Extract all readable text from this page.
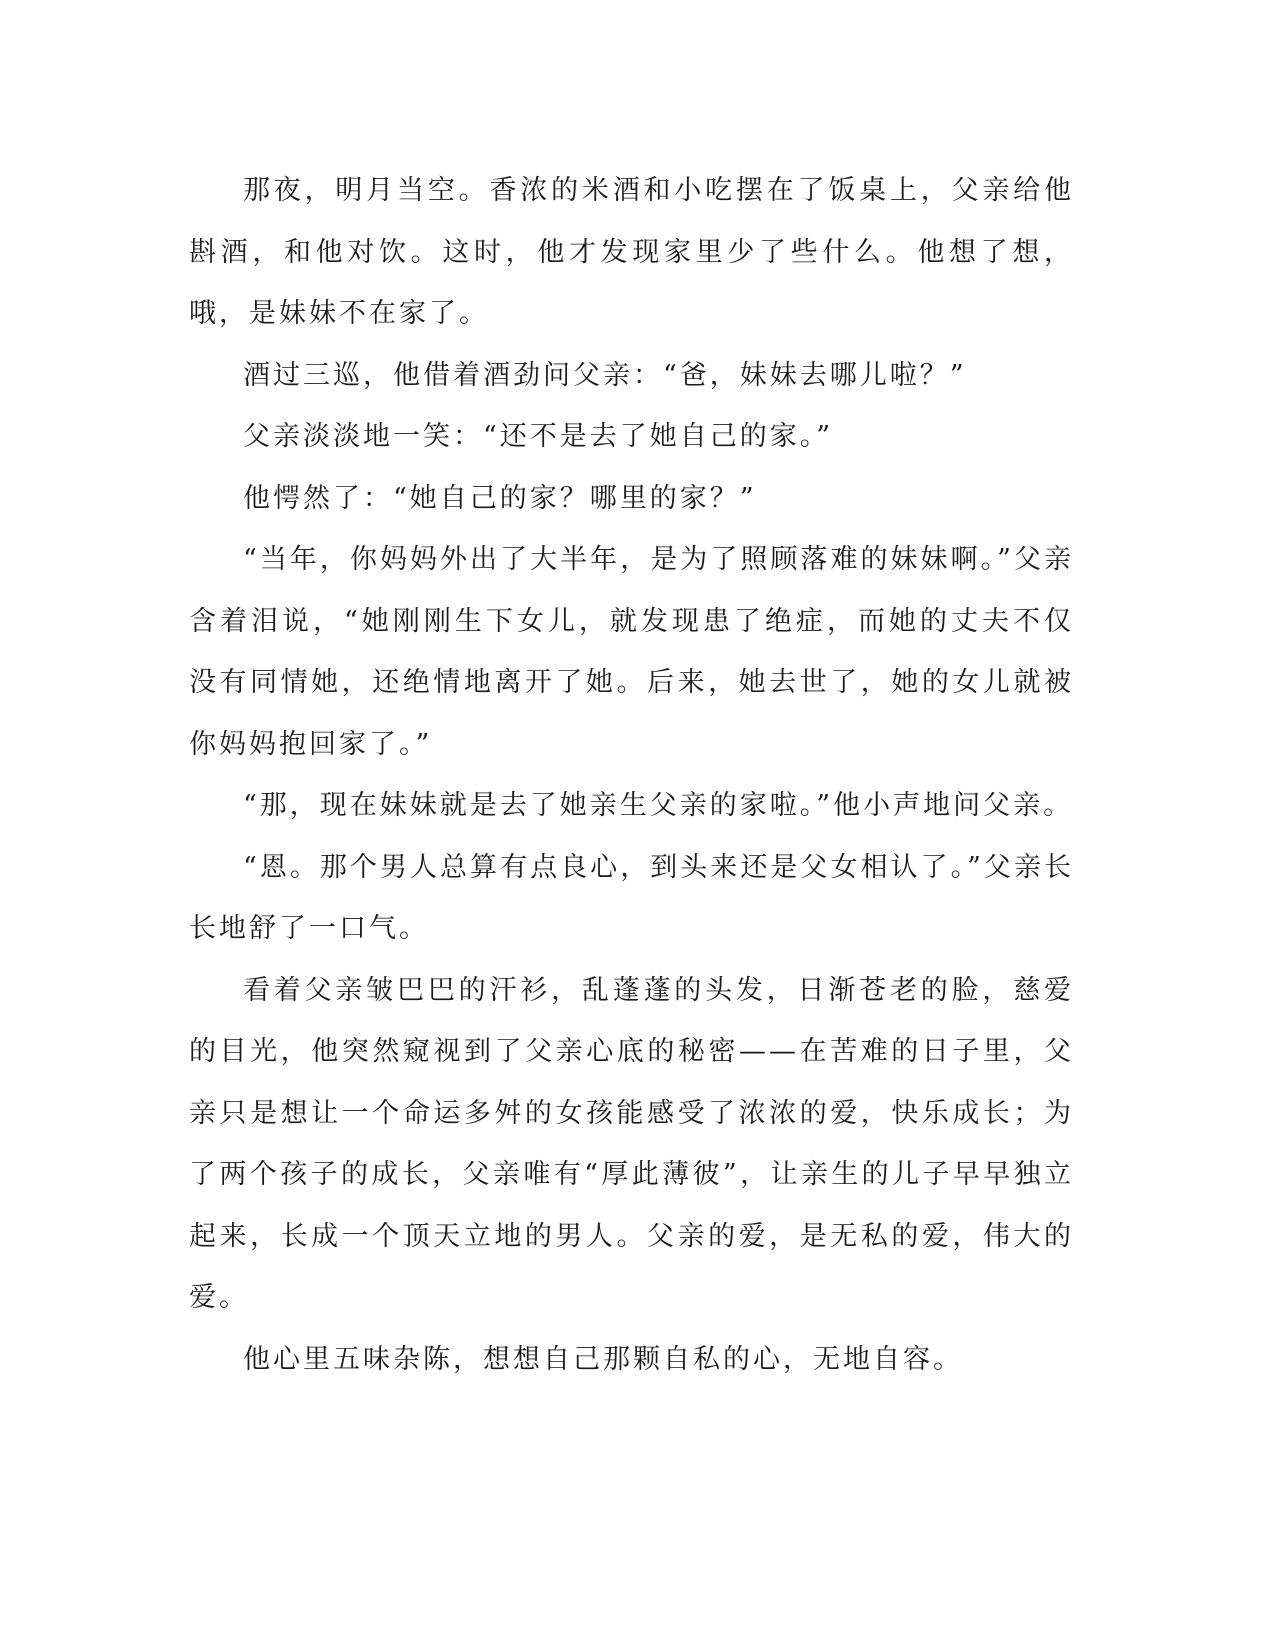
那夜，明月当空。香浓的米酒和小吃摆在了饭桌上，父亲给他斟酒，和他对饮。这时，他才发现家里少了些什么。他想了想，哦，是妹妹不在家了。

酒过三巡，他借着酒劲问父亲：“爸，妹妹去哪儿啦？”

父亲淡淡地一笑：“还不是去了她自己的家。”

他愕然了：“她自己的家？哪里的家？”

“当年，你妈妈外出了大半年，是为了照顾落难的妹妹啊。”父亲含着泪说，“她刚刚生下女儿，就发现患了绝症，而她的丈夫不仅没有同情她，还绝情地离开了她。后来，她去世了，她的女儿就被你妈妈抱回家了。”

“那，现在妹妹就是去了她亲生父亲的家啦。”他小声地问父亲。

“恩。那个男人总算有点良心，到头来还是父女相认了。”父亲长长地舒了一口气。

看着父亲皱巴巴的汗衫，乱蓬蓬的头发，日渐苍老的脸，慈爱的目光，他突然窥视到了父亲心底的秘密——在苦难的日子里，父亲只是想让一个命运多舛的女孩能感受了浓浓的爱，快乐成长；为了两个孩子的成长，父亲唯有“厚此薄彼”，让亲生的儿子早早独立起来，长成一个顶天立地的男人。父亲的爱，是无私的爱，伟大的爱。

他心里五味杂陈，想想自己那颗自私的心，无地自容。
